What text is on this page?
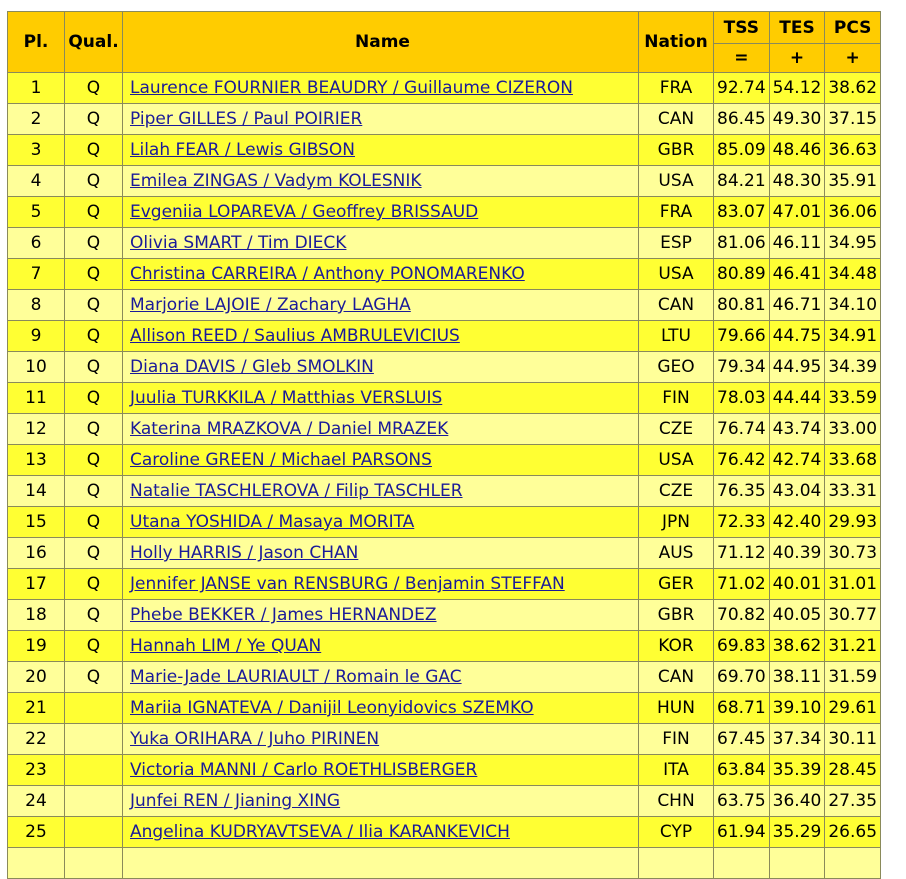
Pl.	Qual.	Name	Nation	TSS	TES	PCS
				=	+	+
1	Q	Laurence FOURNIER BEAUDRY / Guillaume CIZERON	FRA	92.74	54.12	38.62
2	Q	Piper GILLES / Paul POIRIER	CAN	86.45	49.30	37.15
3	Q	Lilah FEAR / Lewis GIBSON	GBR	85.09	48.46	36.63
4	Q	Emilea ZINGAS / Vadym KOLESNIK	USA	84.21	48.30	35.91
5	Q	Evgeniia LOPAREVA / Geoffrey BRISSAUD	FRA	83.07	47.01	36.06
6	Q	Olivia SMART / Tim DIECK	ESP	81.06	46.11	34.95
7	Q	Christina CARREIRA / Anthony PONOMARENKO	USA	80.89	46.41	34.48
8	Q	Marjorie LAJOIE / Zachary LAGHA	CAN	80.81	46.71	34.10
9	Q	Allison REED / Saulius AMBRULEVICIUS	LTU	79.66	44.75	34.91
10	Q	Diana DAVIS / Gleb SMOLKIN	GEO	79.34	44.95	34.39
11	Q	Juulia TURKKILA / Matthias VERSLUIS	FIN	78.03	44.44	33.59
12	Q	Katerina MRAZKOVA / Daniel MRAZEK	CZE	76.74	43.74	33.00
13	Q	Caroline GREEN / Michael PARSONS	USA	76.42	42.74	33.68
14	Q	Natalie TASCHLEROVA / Filip TASCHLER	CZE	76.35	43.04	33.31
15	Q	Utana YOSHIDA / Masaya MORITA	JPN	72.33	42.40	29.93
16	Q	Holly HARRIS / Jason CHAN	AUS	71.12	40.39	30.73
17	Q	Jennifer JANSE van RENSBURG / Benjamin STEFFAN	GER	71.02	40.01	31.01
18	Q	Phebe BEKKER / James HERNANDEZ	GBR	70.82	40.05	30.77
19	Q	Hannah LIM / Ye QUAN	KOR	69.83	38.62	31.21
20	Q	Marie-Jade LAURIAULT / Romain le GAC	CAN	69.70	38.11	31.59
21		Mariia IGNATEVA / Danijil Leonyidovics SZEMKO	HUN	68.71	39.10	29.61
22		Yuka ORIHARA / Juho PIRINEN	FIN	67.45	37.34	30.11
23		Victoria MANNI / Carlo ROETHLISBERGER	ITA	63.84	35.39	28.45
24		Junfei REN / Jianing XING	CHN	63.75	36.40	27.35
25		Angelina KUDRYAVTSEVA / Ilia KARANKEVICH	CYP	61.94	35.29	26.65
